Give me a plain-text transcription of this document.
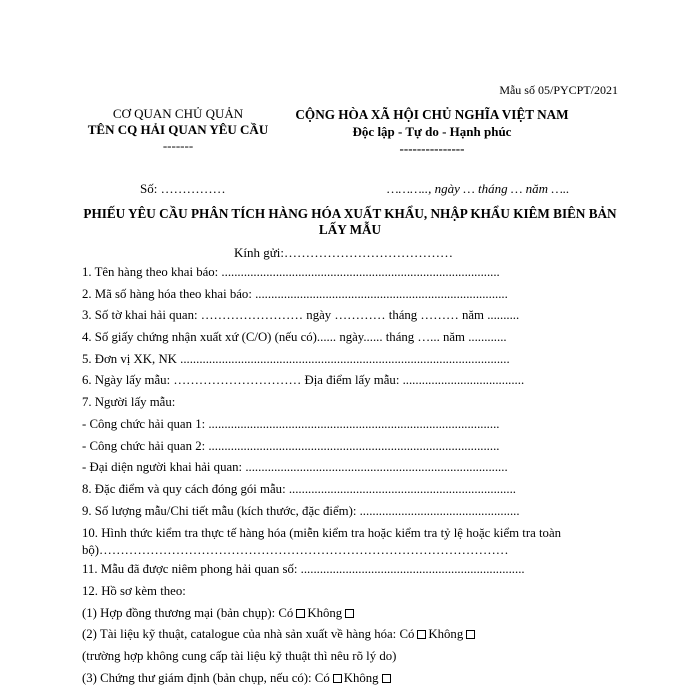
Mẫu số 05/PYCPT/2021
CƠ QUAN CHỦ QUẢN
TÊN CQ HẢI QUAN YÊU CẦU
-------
CỘNG HÒA XÃ HỘI CHỦ NGHĨA VIỆT NAM
Độc lập - Tự do - Hạnh phúc
---------------
Số: ……………	……….., ngày … tháng … năm …..
PHIẾU YÊU CẦU PHÂN TÍCH HÀNG HÓA XUẤT KHẨU, NHẬP KHẨU KIÊM BIÊN BẢN LẤY MẪU
Kính gửi:…………………………………
1. Tên hàng theo khai báo: .......................................................................................
2. Mã số hàng hóa theo khai báo: ...............................................................................
3. Số tờ khai hải quan: …………………… ngày ………… tháng ……… năm ..........
4. Số giấy chứng nhận xuất xứ (C/O) (nếu có)...... ngày...... tháng …... năm ............
5. Đơn vị XK, NK .......................................................................................................
6. Ngày lấy mẫu: ………………………… Địa điểm lấy mẫu: ......................................
7. Người lấy mẫu:
- Công chức hải quan 1: ...........................................................................................
- Công chức hải quan 2: ...........................................................................................
- Đại diện người khai hải quan: ..................................................................................
8. Đặc điểm và quy cách đóng gói mẫu: .......................................................................
9. Số lượng mẫu/Chi tiết mẫu (kích thước, đặc điểm): ..................................................
10. Hình thức kiểm tra thực tế hàng hóa (miễn kiểm tra hoặc kiểm tra tỷ lệ hoặc kiểm tra toàn bộ)……………………………………………………………………………………
11. Mẫu đã được niêm phong hải quan số: ......................................................................
12. Hồ sơ kèm theo:
(1) Hợp đồng thương mại (bản chụp): Có Không
(2) Tài liệu kỹ thuật, catalogue của nhà sản xuất về hàng hóa: Có Không
(trường hợp không cung cấp tài liệu kỹ thuật thì nêu rõ lý do)
(3) Chứng thư giám định (bản chụp, nếu có): Có Không
